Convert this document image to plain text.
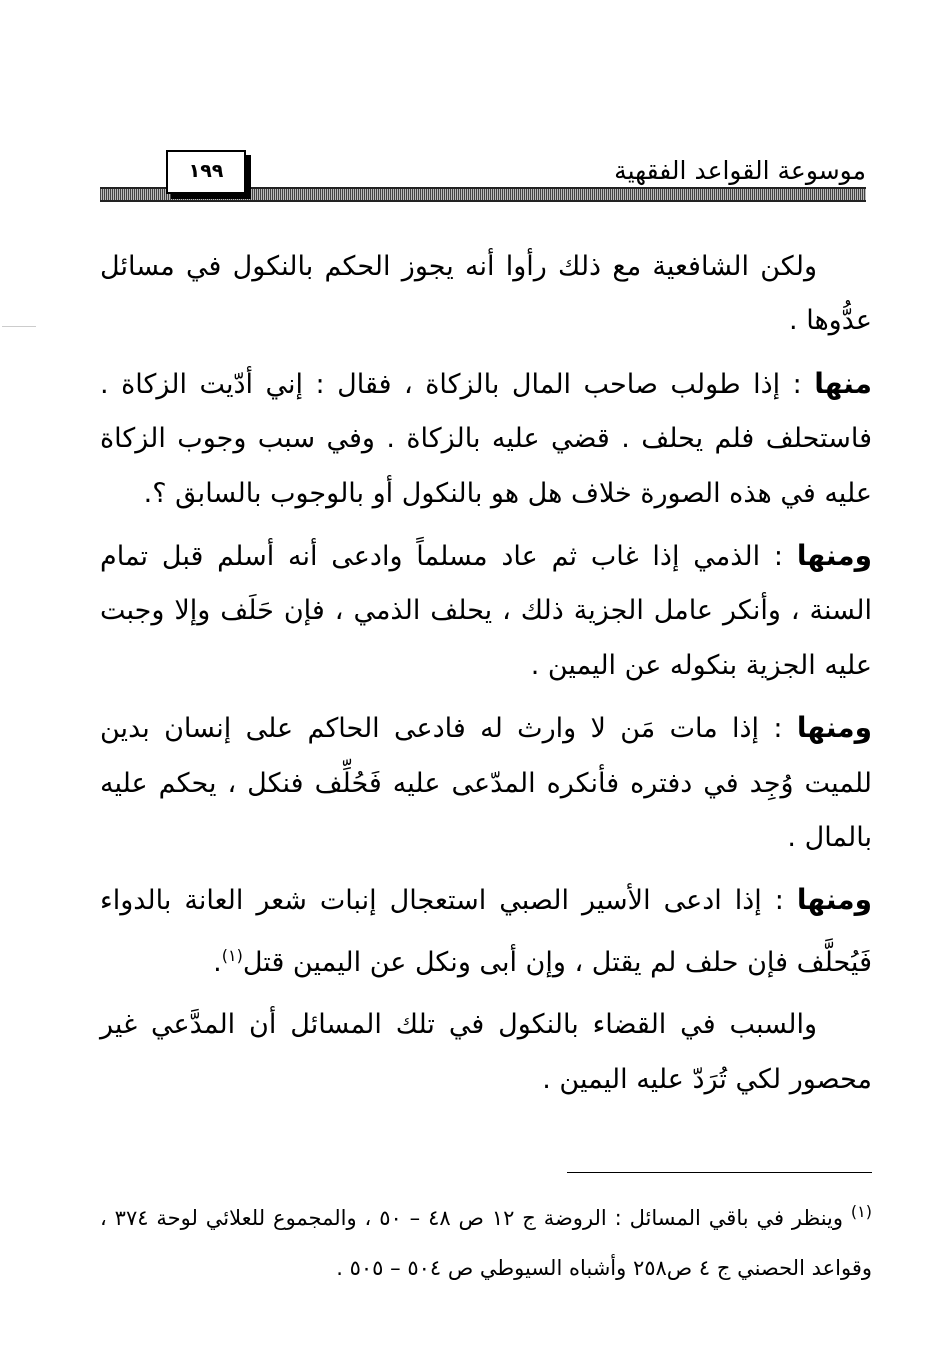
موسوعة القواعد الفقهية
١٩٩

ولكن الشافعية مع ذلك رأوا أنه يجوز الحكم بالنكول في مسائل عدُّوها .

منها : إذا طولب صاحب المال بالزكاة ، فقال : إني أدّيت الزكاة . فاستحلف فلم يحلف . قضي عليه بالزكاة . وفي سبب وجوب الزكاة عليه في هذه الصورة خلاف هل هو بالنكول أو بالوجوب بالسابق ؟.

ومنها : الذمي إذا غاب ثم عاد مسلماً وادعى أنه أسلم قبل تمام السنة ، وأنكر عامل الجزية ذلك ، يحلف الذمي ، فإن حَلَف وإلا وجبت عليه الجزية بنكوله عن اليمين .

ومنها : إذا مات مَن لا وارث له فادعى الحاكم على إنسان بدين للميت وُجِد في دفتره فأنكره المدّعى عليه فَحُلِّف فنكل ، يحكم عليه بالمال .

ومنها : إذا ادعى الأسير الصبي استعجال إنبات شعر العانة بالدواء فَيُحلَّف فإن حلف لم يقتل ، وإن أبى ونكل عن اليمين قتل$^{(١)}$.

والسبب في القضاء بالنكول في تلك المسائل أن المدَّعي غير محصور لكي تُرَدّ عليه اليمين .

$^{(١)}$ وينظر في باقي المسائل : الروضة ج ١٢ ص ٤٨ – ٥٠ ، والمجموع للعلائي لوحة ٣٧٤ ، وقواعد الحصني ج ٤ ص٢٥٨ وأشباه السيوطي ص ٥٠٤ – ٥٠٥ .
